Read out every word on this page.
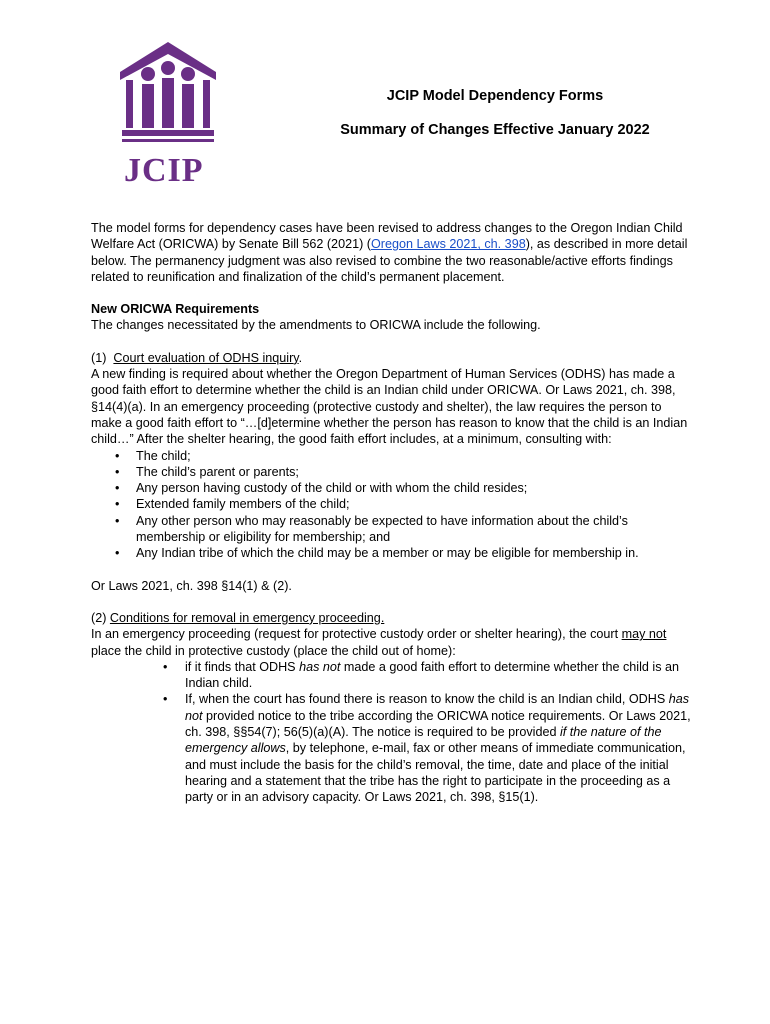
JCIP
JCIP Model Dependency Forms
Summary of Changes Effective January 2022

The model forms for dependency cases have been revised to address changes to the Oregon Indian Child Welfare Act (ORICWA) by Senate Bill 562 (2021) (Oregon Laws 2021, ch. 398), as described in more detail below. The permanency judgment was also revised to combine the two reasonable/active efforts findings related to reunification and finalization of the child’s permanent placement.

New ORICWA Requirements

The changes necessitated by the amendments to ORICWA include the following.

(1) Court evaluation of ODHS inquiry.

A new finding is required about whether the Oregon Department of Human Services (ODHS) has made a good faith effort to determine whether the child is an Indian child under ORICWA. Or Laws 2021, ch. 398, §14(4)(a). In an emergency proceeding (protective custody and shelter), the law requires the person to make a good faith effort to “…[d]etermine whether the person has reason to know that the child is an Indian child…” After the shelter hearing, the good faith effort includes, at a minimum, consulting with:

• The child;
• The child’s parent or parents;
• Any person having custody of the child or with whom the child resides;
• Extended family members of the child;
• Any other person who may reasonably be expected to have information about the child’s membership or eligibility for membership; and
• Any Indian tribe of which the child may be a member or may be eligible for membership in.

Or Laws 2021, ch. 398 §14(1) & (2).

(2) Conditions for removal in emergency proceeding.

In an emergency proceeding (request for protective custody order or shelter hearing), the court may not place the child in protective custody (place the child out of home):

• if it finds that ODHS has not made a good faith effort to determine whether the child is an Indian child.
• If, when the court has found there is reason to know the child is an Indian child, ODHS has not provided notice to the tribe according the ORICWA notice requirements. Or Laws 2021, ch. 398, §§54(7); 56(5)(a)(A). The notice is required to be provided if the nature of the emergency allows, by telephone, e-mail, fax or other means of immediate communication, and must include the basis for the child’s removal, the time, date and place of the initial hearing and a statement that the tribe has the right to participate in the proceeding as a party or in an advisory capacity. Or Laws 2021, ch. 398, §15(1).
